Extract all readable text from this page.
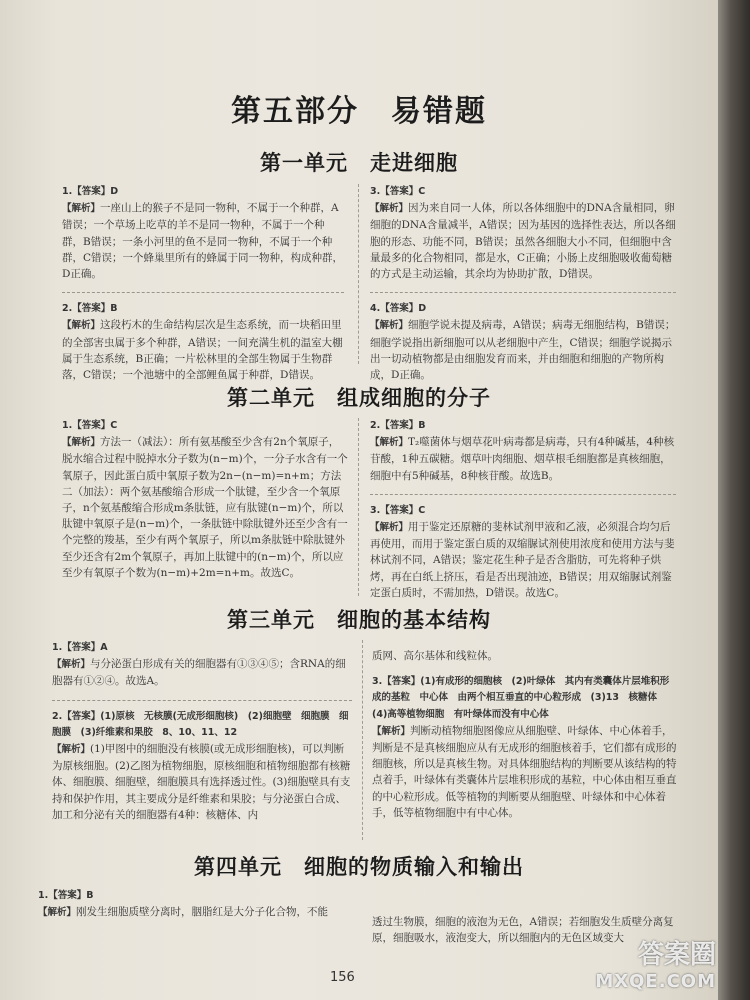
第五部分　易错题
第一单元　走进细胞
第二单元　组成细胞的分子
第三单元　细胞的基本结构
第四单元　细胞的物质输入和输出
1.【答案】D
【解析】一座山上的猴子不是同一物种，不属于一个种群，A错误；一个草场上吃草的羊不是同一物种，不属于一个种群，B错误；一条小河里的鱼不是同一物种，不属于一个种群，C错误；一个蜂巢里所有的蜂属于同一物种，构成种群，D正确。
2.【答案】B
【解析】这段朽木的生命结构层次是生态系统，而一块稻田里的全部害虫属于多个种群，A错误；一间充满生机的温室大棚属于生态系统，B正确；一片松林里的全部生物属于生物群落，C错误；一个池塘中的全部鲤鱼属于种群，D错误。
3.【答案】C
【解析】因为来自同一人体，所以各体细胞中的DNA含量相同，卵细胞的DNA含量减半，A错误；因为基因的选择性表达，所以各细胞的形态、功能不同，B错误；虽然各细胞大小不同，但细胞中含量最多的化合物相同，都是水，C正确；小肠上皮细胞吸收葡萄糖的方式是主动运输，其余均为协助扩散，D错误。
4.【答案】D
【解析】细胞学说未提及病毒，A错误；病毒无细胞结构，B错误；细胞学说指出新细胞可以从老细胞中产生，C错误；细胞学说揭示出一切动植物都是由细胞发育而来，并由细胞和细胞的产物所构成，D正确。
1.【答案】C
【解析】方法一（减法）：所有氨基酸至少含有2n个氧原子，脱水缩合过程中脱掉水分子数为(n−m)个，一分子水含有一个氧原子，因此蛋白质中氧原子数为2n−(n−m)=n+m；方法二（加法）：两个氨基酸缩合形成一个肽键，至少含一个氧原子，n个氨基酸缩合形成m条肽链，应有肽键(n−m)个，所以肽键中氧原子是(n−m)个，一条肽链中除肽键外还至少含有一个完整的羧基，至少有两个氧原子，所以m条肽链中除肽键外至少还含有2m个氧原子，再加上肽键中的(n−m)个，所以应至少有氧原子个数为(n−m)+2m=n+m。故选C。
2.【答案】B
【解析】T₂噬菌体与烟草花叶病毒都是病毒，只有4种碱基，4种核苷酸，1种五碳糖。烟草叶肉细胞、烟草根毛细胞都是真核细胞，细胞中有5种碱基，8种核苷酸。故选B。
3.【答案】C
【解析】用于鉴定还原糖的斐林试剂甲液和乙液，必须混合均匀后再使用，而用于鉴定蛋白质的双缩脲试剂使用浓度和使用方法与斐林试剂不同，A错误；鉴定花生种子是否含脂肪，可先将种子烘烤，再在白纸上挤压，看是否出现油迹，B错误；用双缩脲试剂鉴定蛋白质时，不需加热，D错误。故选C。
1.【答案】A
【解析】与分泌蛋白形成有关的细胞器有①③④⑤；含RNA的细胞器有①②④。故选A。
2.【答案】(1)原核　无核膜(无成形细胞核)　(2)细胞壁　细胞膜　细胞膜　(3)纤维素和果胶　8、10、11、12
【解析】(1)甲图中的细胞没有核膜(或无成形细胞核)，可以判断为原核细胞。(2)乙图为植物细胞，原核细胞和植物细胞都有核糖体、细胞膜、细胞壁，细胞膜具有选择透过性。(3)细胞壁具有支持和保护作用，其主要成分是纤维素和果胶；与分泌蛋白合成、加工和分泌有关的细胞器有4种：核糖体、内
质网、高尔基体和线粒体。
3.【答案】(1)有成形的细胞核　(2)叶绿体　其内有类囊体片层堆积形成的基粒　中心体　由两个相互垂直的中心粒形成　(3)13　核糖体　(4)高等植物细胞　有叶绿体而没有中心体
【解析】判断动植物细胞图像应从细胞壁、叶绿体、中心体着手，判断是不是真核细胞应从有无成形的细胞核着手，它们都有成形的细胞核，所以是真核生物。对具体细胞结构的判断要从该结构的特点着手，叶绿体有类囊体片层堆积形成的基粒，中心体由相互垂直的中心粒形成。低等植物的判断要从细胞壁、叶绿体和中心体着手，低等植物细胞中有中心体。
1.【答案】B
【解析】刚发生细胞质壁分离时，胭脂红是大分子化合物，不能
透过生物膜，细胞的液泡为无色，A错误；若细胞发生质壁分离复原，细胞吸水，液泡变大，所以细胞内的无色区域变大
156
答案圈
MXQE.COM
